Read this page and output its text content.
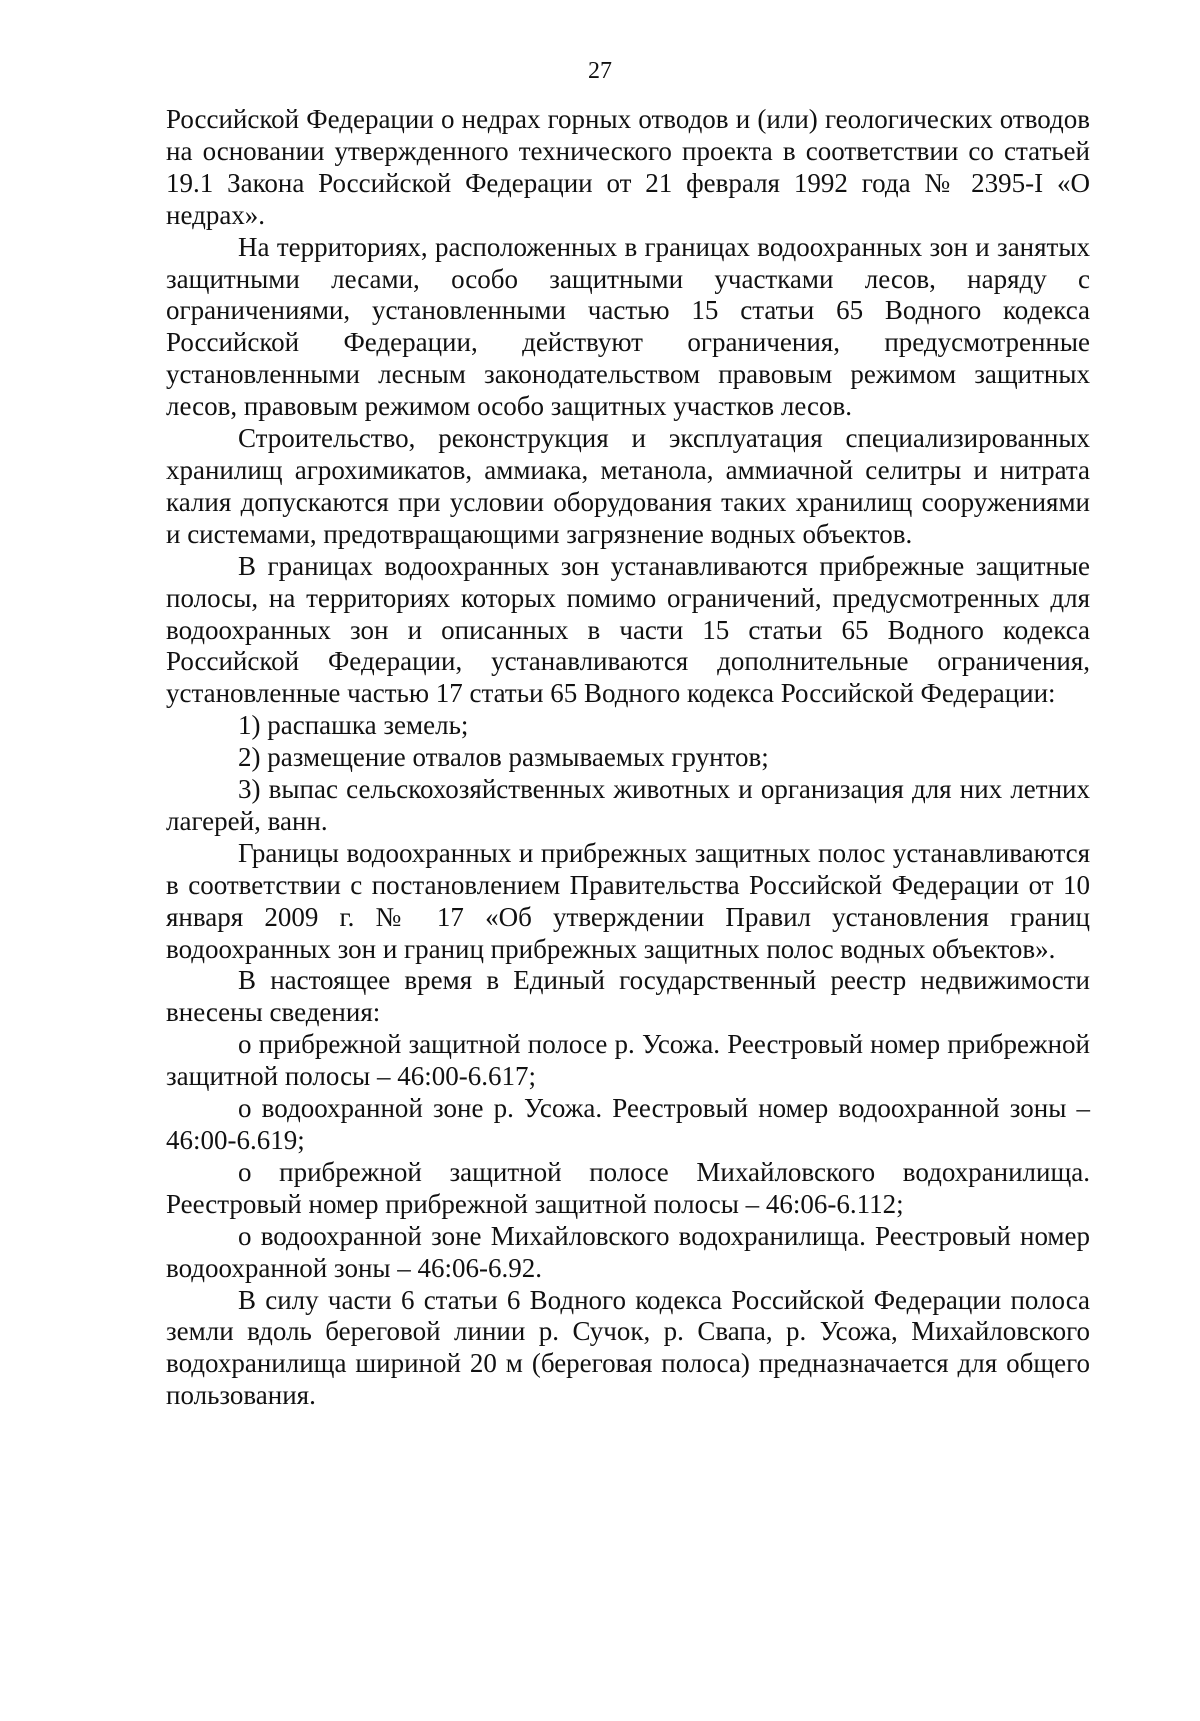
27

Российской Федерации о недрах горных отводов и (или) геологических отводов на основании утвержденного технического проекта в соответствии со статьей 19.1 Закона Российской Федерации от 21 февраля 1992 года № 2395-I «О недрах».

На территориях, расположенных в границах водоохранных зон и занятых защитными лесами, особо защитными участками лесов, наряду с ограничениями, установленными частью 15 статьи 65 Водного кодекса Российской Федерации, действуют ограничения, предусмотренные установленными лесным законодательством правовым режимом защитных лесов, правовым режимом особо защитных участков лесов.

Строительство, реконструкция и эксплуатация специализированных хранилищ агрохимикатов, аммиака, метанола, аммиачной селитры и нитрата калия допускаются при условии оборудования таких хранилищ сооружениями и системами, предотвращающими загрязнение водных объектов.

В границах водоохранных зон устанавливаются прибрежные защитные полосы, на территориях которых помимо ограничений, предусмотренных для водоохранных зон и описанных в части 15 статьи 65 Водного кодекса Российской Федерации, устанавливаются дополнительные ограничения, установленные частью 17 статьи 65 Водного кодекса Российской Федерации:

1) распашка земель;

2) размещение отвалов размываемых грунтов;

3) выпас сельскохозяйственных животных и организация для них летних лагерей, ванн.

Границы водоохранных и прибрежных защитных полос устанавливаются в соответствии с постановлением Правительства Российской Федерации от 10 января 2009 г. № 17 «Об утверждении Правил установления границ водоохранных зон и границ прибрежных защитных полос водных объектов».

В настоящее время в Единый государственный реестр недвижимости внесены сведения:

о прибрежной защитной полосе р. Усожа. Реестровый номер прибрежной защитной полосы – 46:00-6.617;

о водоохранной зоне р. Усожа. Реестровый номер водоохранной зоны – 46:00-6.619;

о прибрежной защитной полосе Михайловского водохранилища. Реестровый номер прибрежной защитной полосы – 46:06-6.112;

о водоохранной зоне Михайловского водохранилища. Реестровый номер водоохранной зоны – 46:06-6.92.

В силу части 6 статьи 6 Водного кодекса Российской Федерации полоса земли вдоль береговой линии р. Сучок, р. Свапа, р. Усожа, Михайловского водохранилища шириной 20 м (береговая полоса) предназначается для общего пользования.
